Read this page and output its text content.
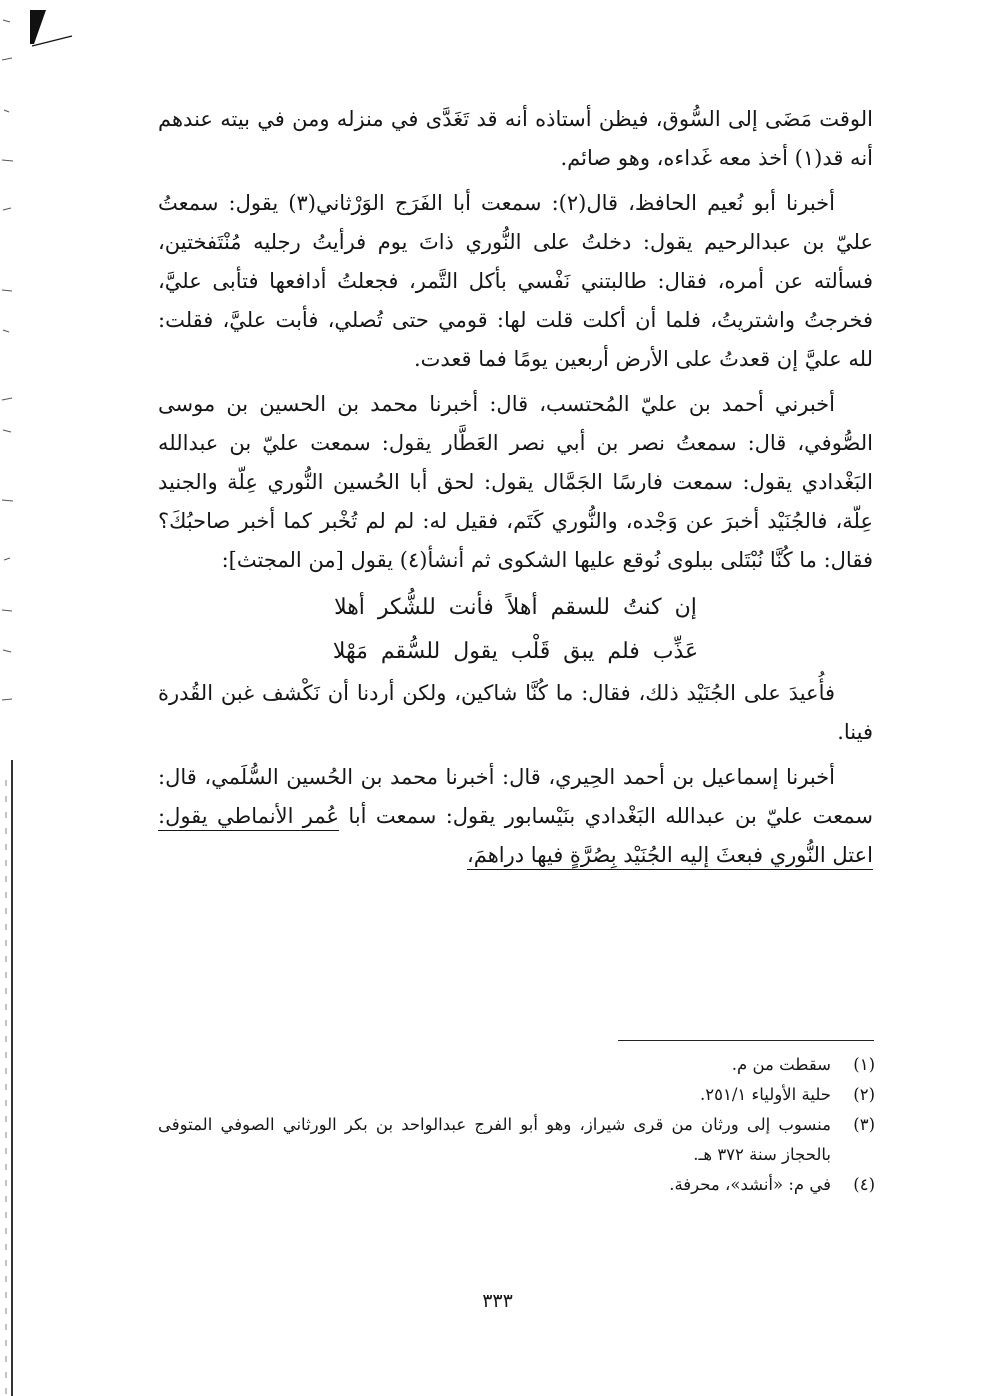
الوقت مَضَى إلى السُّوق، فيظن أستاذه أنه قد تَغَدَّى في منزله ومن في بيته عندهم أنه قد(١) أخذ معه غَداءه، وهو صائم.

أخبرنا أبو نُعيم الحافظ، قال(٢): سمعت أبا الفَرَج الوَرْثاني(٣) يقول: سمعتُ عليّ بن عبدالرحيم يقول: دخلتُ على النُّوري ذاتَ يوم فرأيتُ رجليه مُنْتَفختين، فسألته عن أمره، فقال: طالبتني نَفْسي بأكل التَّمر، فجعلتُ أدافعها فتأبى عليَّ، فخرجتُ واشتريتُ، فلما أن أكلت قلت لها: قومي حتى تُصلي، فأبت عليَّ، فقلت: لله عليَّ إن قعدتُ على الأرض أربعين يومًا فما قعدت.

أخبرني أحمد بن عليّ المُحتسب، قال: أخبرنا محمد بن الحسين بن موسى الصُّوفي، قال: سمعتُ نصر بن أبي نصر العَطَّار يقول: سمعت عليّ بن عبدالله البَغْدادي يقول: سمعت فارسًا الجَمَّال يقول: لحق أبا الحُسين النُّوري عِلّة والجنيد عِلّة، فالجُنَيْد أخبرَ عن وَجْده، والنُّوري كَتَم، فقيل له: لم لم تُخْبر كما أخبر صاحبُكَ؟ فقال: ما كُنَّا نُبْتَلى ببلوى نُوقع عليها الشكوى ثم أنشأ(٤) يقول [من المجتث]:

إن كنتُ للسقم أهلاً فأنت للشُّكر أهلا
عَذِّب فلم يبق قَلْب يقول للسُّقم مَهْلا

فأُعيدَ على الجُنَيْد ذلك، فقال: ما كُنَّا شاكين، ولكن أردنا أن نَكْشف غبن القُدرة فينا.

أخبرنا إسماعيل بن أحمد الحِيري، قال: أخبرنا محمد بن الحُسين السُّلَمي، قال: سمعت عليّ بن عبدالله البَغْدادي بنَيْسابور يقول: سمعت أبا عُمر الأنماطي يقول: اعتل النُّوري فبعثَ إليه الجُنَيْد بِصُرَّةٍ فيها دراهمَ،

(١)
سقطت من م.
(٢)
حلية الأولياء ٢٥١/١.
(٣)
منسوب إلى ورثان من قرى شيراز، وهو أبو الفرج عبدالواحد بن بكر الورثاني الصوفي المتوفى بالحجاز سنة ٣٧٢ هـ.
(٤)
في م: «أنشد»، محرفة.
٣٣٣
